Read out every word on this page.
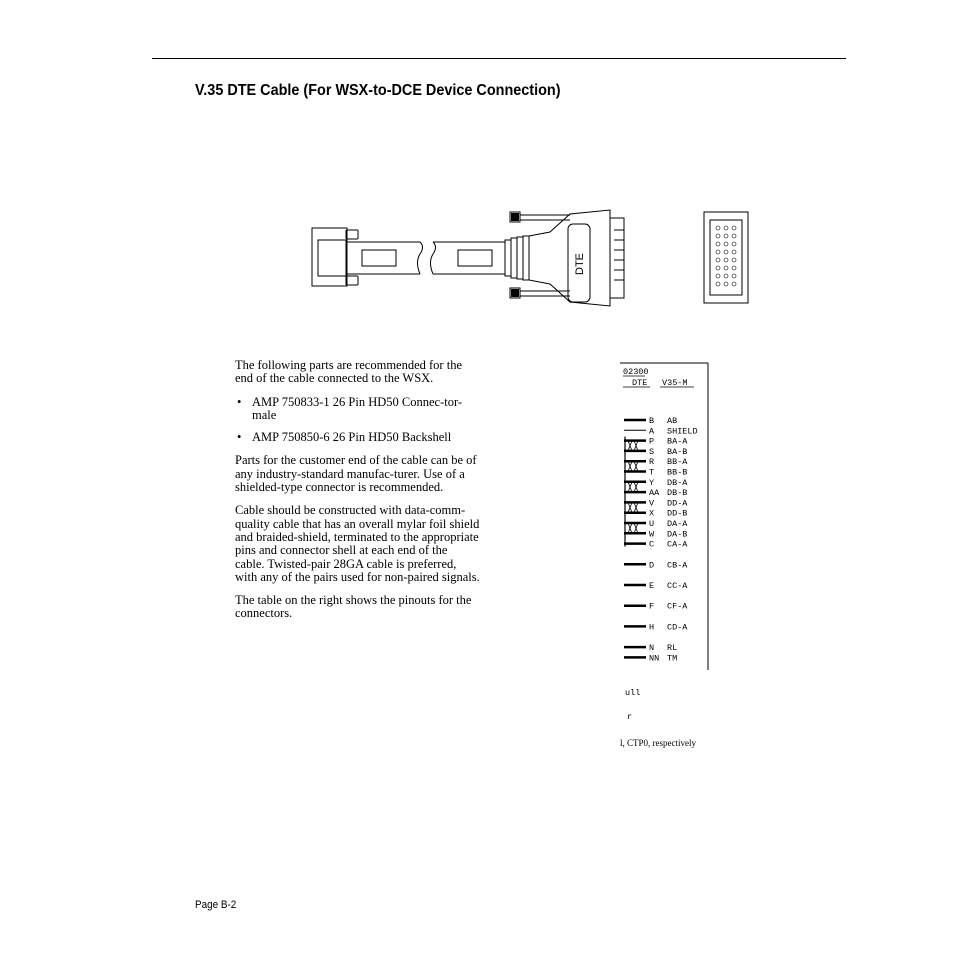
V.35 DTE Cable (For WSX-to-DCE Device Connection)
DTE

The following parts are recommended for the end of the cable connected to the WSX.

• AMP 750833-1 26 Pin HD50 Connec-tor-male
• AMP 750850-6 26 Pin HD50 Backshell

Parts for the customer end of the cable can be of any industry-standard manufac-turer. Use of a shielded-type connector is recommended.

Cable should be constructed with data-comm-quality cable that has an overall mylar foil shield and braided-shield, terminated to the appropriate pins and connector shell at each end of the cable. Twisted-pair 28GA cable is preferred, with any of the pairs used for non-paired signals.

The table on the right shows the pinouts for the connectors.

02300
DTE V35-M
B AB
A SHIELD
P BA-A
S BA-B
R BB-A
T BB-B
Y DB-A
AA DB-B
V DD-A
X DD-B
U DA-A
W DA-B
C CA-A
D CB-A
E CC-A
F CF-A
H CD-A
N RL
NN TM
ull
r
l, CTP0, respectively
Page B-2
